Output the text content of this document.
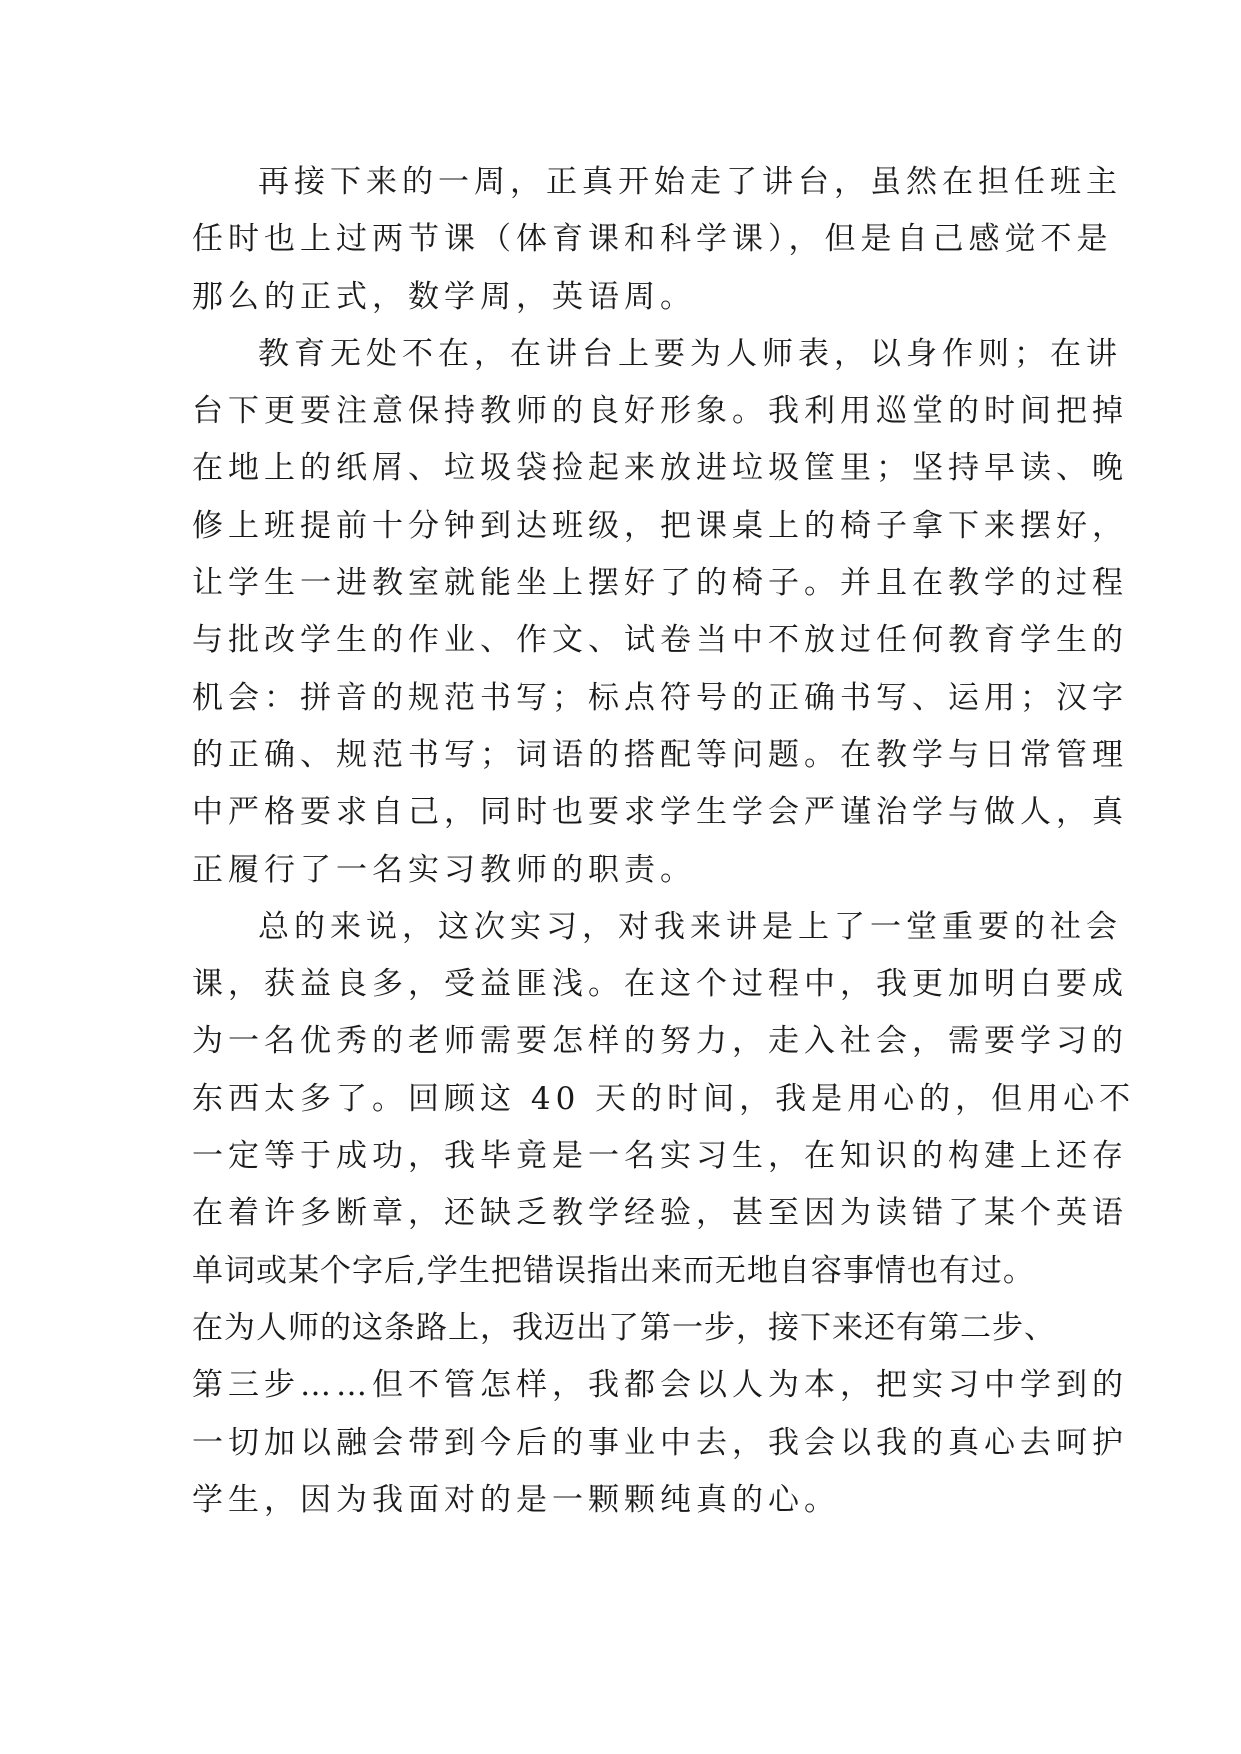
再接下来的一周，正真开始走了讲台，虽然在担任班主
任时也上过两节课（体育课和科学课），但是自己感觉不是
那么的正式，数学周，英语周。
教育无处不在，在讲台上要为人师表，以身作则；在讲
台下更要注意保持教师的良好形象。我利用巡堂的时间把掉
在地上的纸屑、垃圾袋捡起来放进垃圾筐里；坚持早读、晚
修上班提前十分钟到达班级，把课桌上的椅子拿下来摆好，
让学生一进教室就能坐上摆好了的椅子。并且在教学的过程
与批改学生的作业、作文、试卷当中不放过任何教育学生的
机会：拼音的规范书写；标点符号的正确书写、运用；汉字
的正确、规范书写；词语的搭配等问题。在教学与日常管理
中严格要求自己，同时也要求学生学会严谨治学与做人，真
正履行了一名实习教师的职责。
总的来说，这次实习，对我来讲是上了一堂重要的社会
课，获益良多，受益匪浅。在这个过程中，我更加明白要成
为一名优秀的老师需要怎样的努力，走入社会，需要学习的
东西太多了。回顾这 40 天的时间，我是用心的，但用心不
一定等于成功，我毕竟是一名实习生，在知识的构建上还存
在着许多断章，还缺乏教学经验，甚至因为读错了某个英语
单词或某个字后,学生把错误指出来而无地自容事情也有过。
在为人师的这条路上，我迈出了第一步，接下来还有第二步、
第三步……但不管怎样，我都会以人为本，把实习中学到的
一切加以融会带到今后的事业中去，我会以我的真心去呵护
学生，因为我面对的是一颗颗纯真的心。
